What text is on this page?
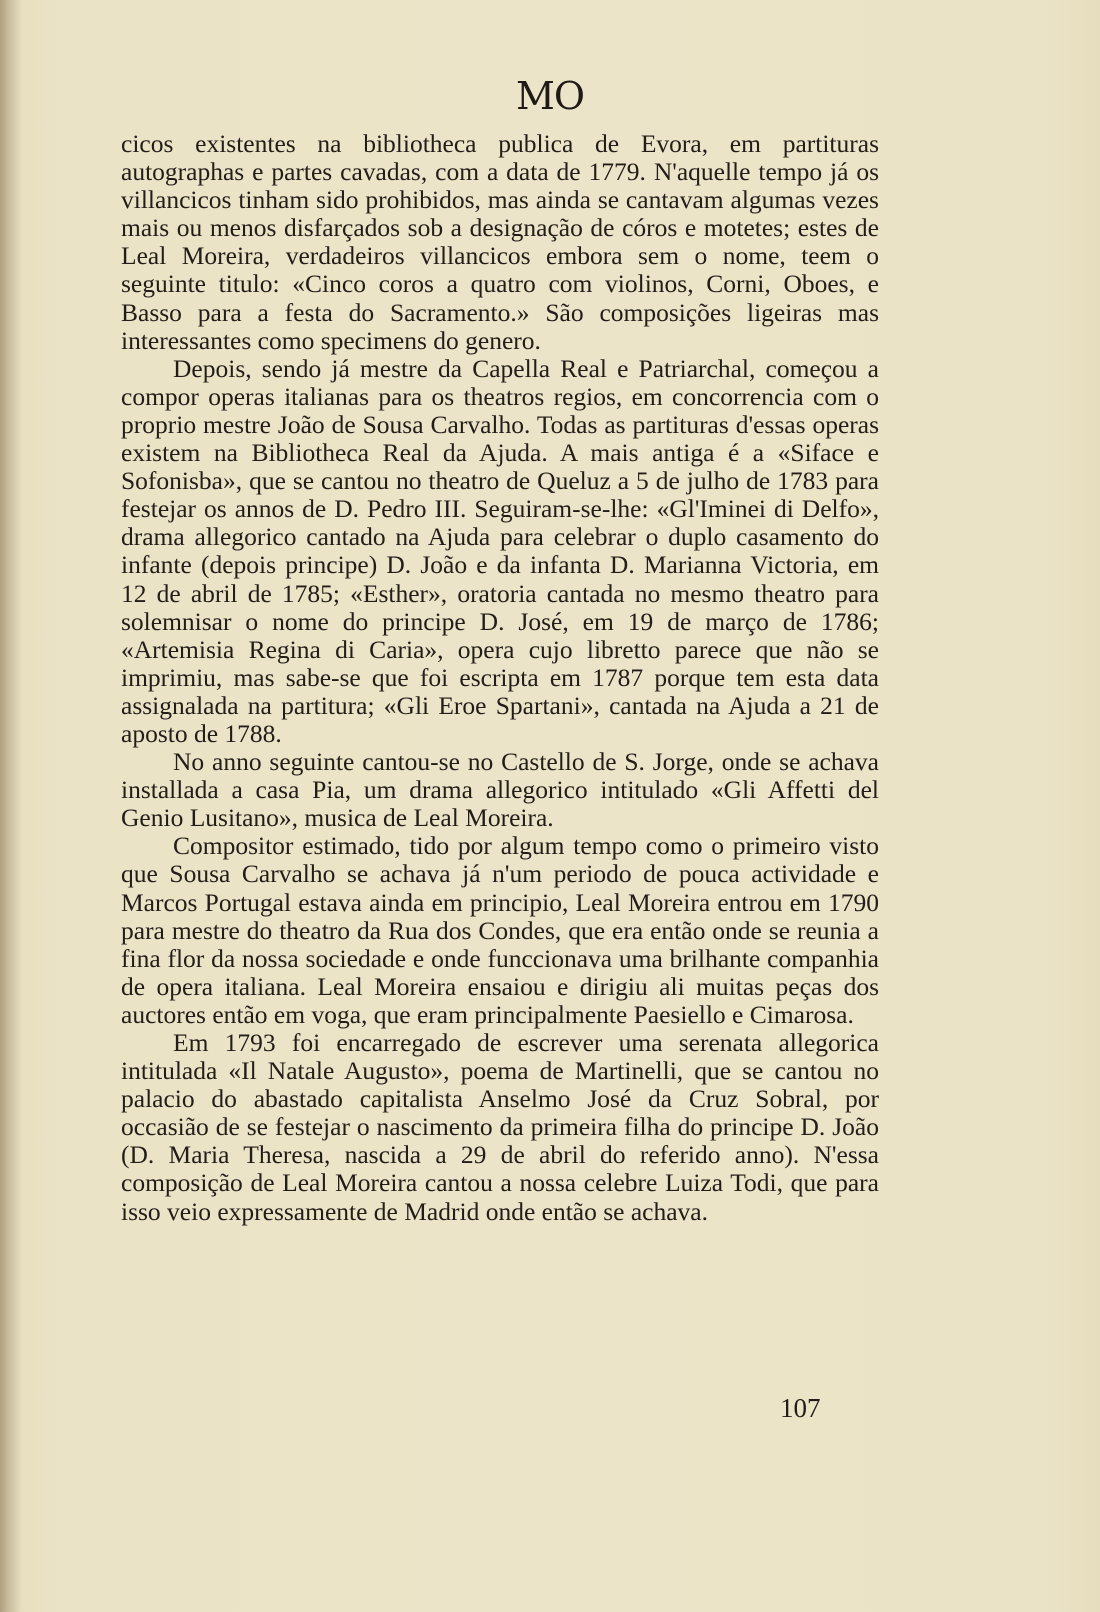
MO

cicos existentes na bibliotheca publica de Evora, em partituras autographas e partes cavadas, com a data de 1779. N'aquelle tempo já os villancicos tinham sido prohibidos, mas ainda se cantavam algumas vezes mais ou menos disfarçados sob a designação de córos e motetes; estes de Leal Moreira, verdadeiros villancicos embora sem o nome, teem o seguinte titulo: «Cinco coros a quatro com violinos, Corni, Oboes, e Basso para a festa do Sacramento.» São composições ligeiras mas interessantes como specimens do genero.

Depois, sendo já mestre da Capella Real e Patriarchal, começou a compor operas italianas para os theatros regios, em concorrencia com o proprio mestre João de Sousa Carvalho. Todas as partituras d'essas operas existem na Bibliotheca Real da Ajuda. A mais antiga é a «Siface e Sofonisba», que se cantou no theatro de Queluz a 5 de julho de 1783 para festejar os annos de D. Pedro III. Seguiram-se-lhe: «Gl'Iminei di Delfo», drama allegorico cantado na Ajuda para celebrar o duplo casamento do infante (depois principe) D. João e da infanta D. Marianna Victoria, em 12 de abril de 1785; «Esther», oratoria cantada no mesmo theatro para solemnisar o nome do principe D. José, em 19 de março de 1786; «Artemisia Regina di Caria», opera cujo libretto parece que não se imprimiu, mas sabe-se que foi escripta em 1787 porque tem esta data assignalada na partitura; «Gli Eroe Spartani», cantada na Ajuda a 21 de aposto de 1788.

No anno seguinte cantou-se no Castello de S. Jorge, onde se achava installada a casa Pia, um drama allegorico intitulado «Gli Affetti del Genio Lusitano», musica de Leal Moreira.

Compositor estimado, tido por algum tempo como o primeiro visto que Sousa Carvalho se achava já n'um periodo de pouca actividade e Marcos Portugal estava ainda em principio, Leal Moreira entrou em 1790 para mestre do theatro da Rua dos Condes, que era então onde se reunia a fina flor da nossa sociedade e onde funccionava uma brilhante companhia de opera italiana. Leal Moreira ensaiou e dirigiu ali muitas peças dos auctores então em voga, que eram principalmente Paesiello e Cimarosa.

Em 1793 foi encarregado de escrever uma serenata allegorica intitulada «Il Natale Augusto», poema de Martinelli, que se cantou no palacio do abastado capitalista Anselmo José da Cruz Sobral, por occasião de se festejar o nascimento da primeira filha do principe D. João (D. Maria Theresa, nascida a 29 de abril do referido anno). N'essa composição de Leal Moreira cantou a nossa celebre Luiza Todi, que para isso veio expressamente de Madrid onde então se achava.

107
